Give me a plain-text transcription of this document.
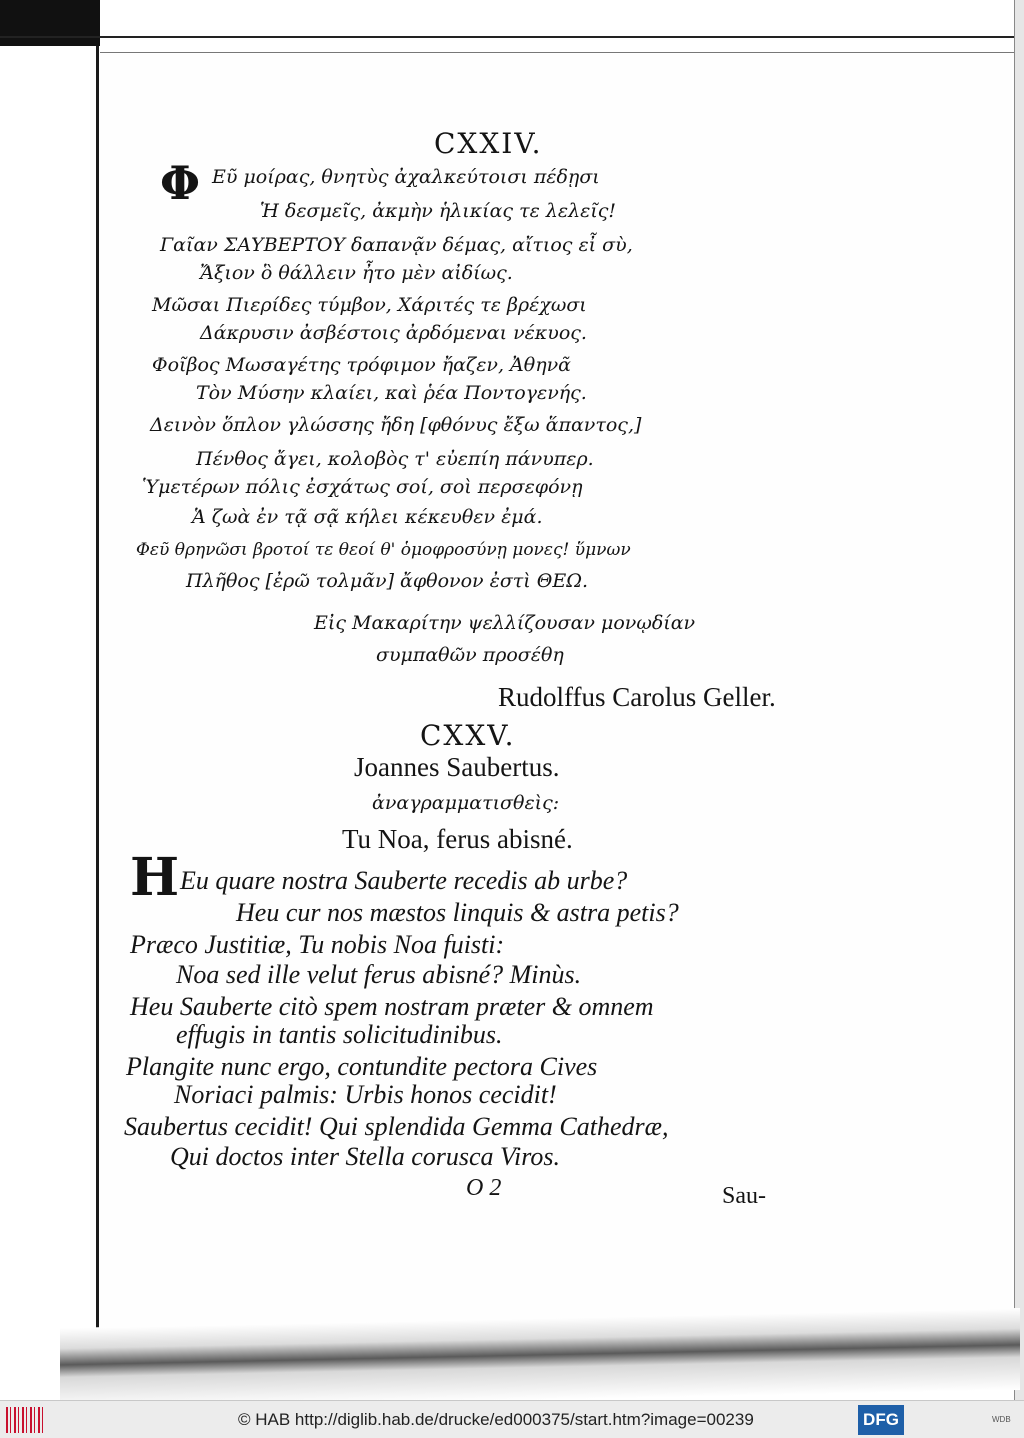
CXXIV.
Φ Εῦ μοίρας, θνητὺς ἀχαλκεύτοισι πέδῃσι
Ἡ δεσμεῖς, ἀκμὴν ἡλικίας τε λελεῖς!
Γαῖαν ΣΑΥΒΕΡΤΟΥ δαπανᾷν δέμας, αἴτιος εἶ σὺ,
Ἄξιον ὃ θάλλειν ἦτο μὲν αἰδίως.
Μῶσαι Πιερίδες τύμβον, Χάριτές τε βρέχωσι
Δάκρυσιν ἀσβέστοις ἀρδόμεναι νέκυος.
Φοῖβος Μωσαγέτης τρόφιμον ἤαζεν, Ἀθηνᾶ
Τὸν Μύσην κλαίει, καὶ ῥέα Ποντογενής.
Δεινὸν ὅπλον γλώσσης ἤδη [φθόνυς ἔξω ἅπαντος,]
Πένθος ἄγει, κολοβὸς τ' εὐεπίη πάνυπερ.
Ὑμετέρων πόλις ἐσχάτως σοί, σοὶ περσεφόνῃ
Ἁ ζωὰ ἐν τᾷ σᾷ κήλει κέκευθεν ἐμά.
Φεῦ θρηνῶσι βροτοί τε θεοί θ' ὁμοφροσύνῃ μονες! ὕμνων
Πλῆθος [ἐρῶ τολμᾶν] ἄφθονον ἐστὶ ΘΕΩ.
Εἰς Μακαρίτην ψελλίζουσαν μονῳδίαν
συμπαθῶν προσέθη
Rudolffus Carolus Geller.
CXXV.
Joannes Saubertus.
ἀναγραμματισθεὶς:
Tu Noa, ferus abisné.
H Eu quare nostra Sauberte recedis ab urbe?
Heu cur nos mæstos linquis & astra petis?
Præco Justitiæ, Tu nobis Noa fuisti:
Noa sed ille velut ferus abisné? Minùs.
Heu Sauberte citò spem nostram præter & omnem
effugis in tantis solicitudinibus.
Plangite nunc ergo, contundite pectora Cives
Noriaci palmis: Urbis honos cecidit!
Saubertus cecidit! Qui splendida Gemma Cathedræ,
Qui doctos inter Stella corusca Viros.
O 2	Sau-
© HAB http://diglib.hab.de/drucke/ed000375/start.htm?image=00239	DFG	WDB
